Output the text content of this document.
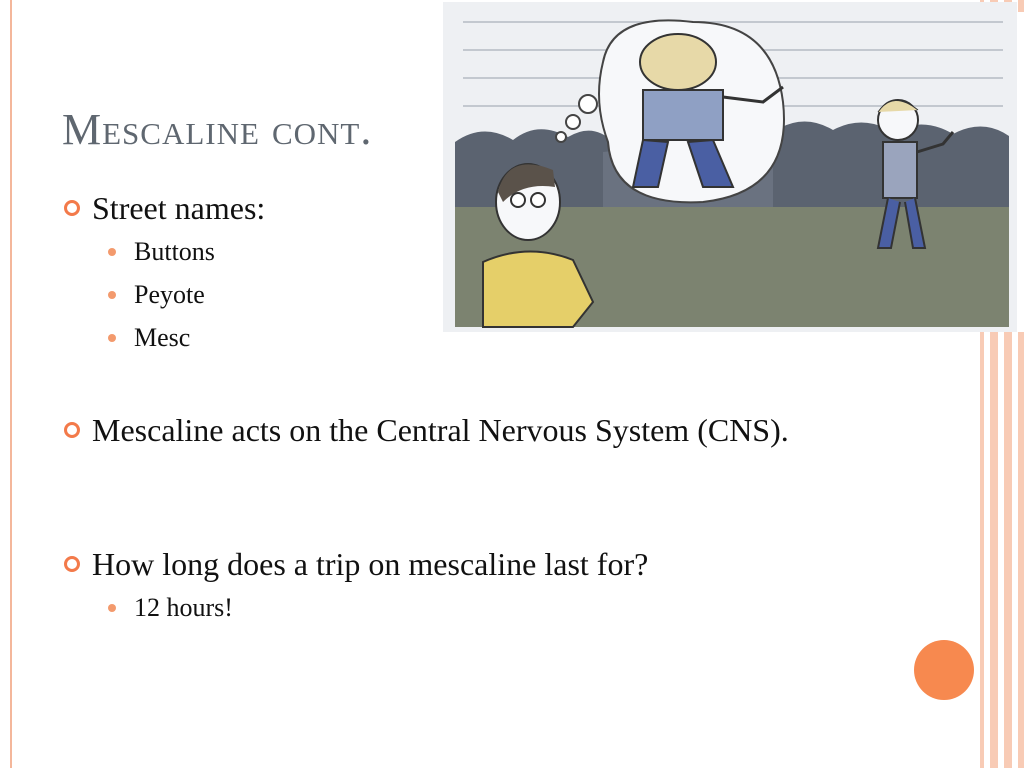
Mescaline cont.

Street names:

Buttons

Peyote

Mesc

Mescaline acts on the Central Nervous System (CNS).

How long does a trip on mescaline last for?

12 hours!
